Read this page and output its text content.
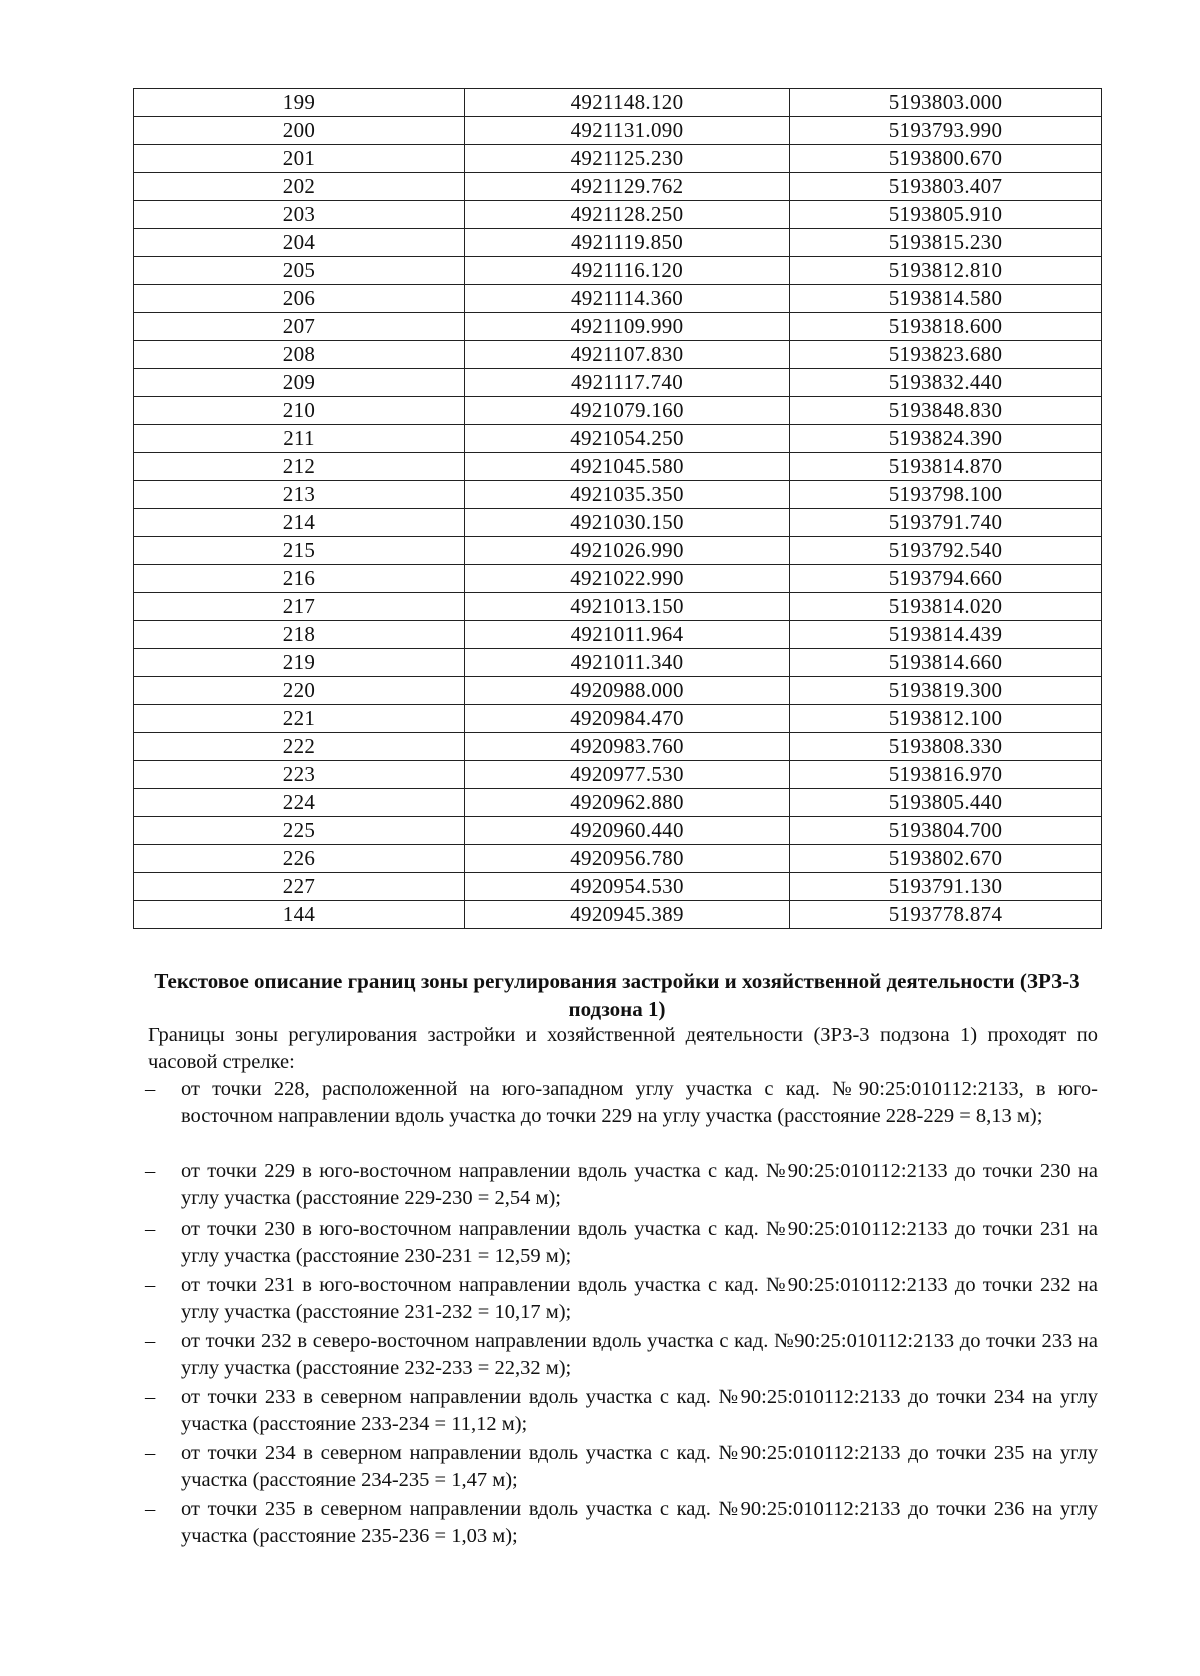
199	4921148.120	5193803.000
200	4921131.090	5193793.990
201	4921125.230	5193800.670
202	4921129.762	5193803.407
203	4921128.250	5193805.910
204	4921119.850	5193815.230
205	4921116.120	5193812.810
206	4921114.360	5193814.580
207	4921109.990	5193818.600
208	4921107.830	5193823.680
209	4921117.740	5193832.440
210	4921079.160	5193848.830
211	4921054.250	5193824.390
212	4921045.580	5193814.870
213	4921035.350	5193798.100
214	4921030.150	5193791.740
215	4921026.990	5193792.540
216	4921022.990	5193794.660
217	4921013.150	5193814.020
218	4921011.964	5193814.439
219	4921011.340	5193814.660
220	4920988.000	5193819.300
221	4920984.470	5193812.100
222	4920983.760	5193808.330
223	4920977.530	5193816.970
224	4920962.880	5193805.440
225	4920960.440	5193804.700
226	4920956.780	5193802.670
227	4920954.530	5193791.130
144	4920945.389	5193778.874
Текстовое описание границ зоны регулирования застройки и хозяйственной деятельности (ЗРЗ-3 подзона 1)

Границы зоны регулирования застройки и хозяйственной деятельности (ЗРЗ-3 подзона 1) проходят по часовой стрелке:

– от точки 228, расположенной на юго-западном углу участка с кад. №90:25:010112:2133, в юго-восточном направлении вдоль участка до точки 229 на углу участка (расстояние 228-229 = 8,13 м);
– от точки 229 в юго-восточном направлении вдоль участка с кад. №90:25:010112:2133 до точки 230 на углу участка (расстояние 229-230 = 2,54 м);
– от точки 230 в юго-восточном направлении вдоль участка с кад. №90:25:010112:2133 до точки 231 на углу участка (расстояние 230-231 = 12,59 м);
– от точки 231 в юго-восточном направлении вдоль участка с кад. №90:25:010112:2133 до точки 232 на углу участка (расстояние 231-232 = 10,17 м);
– от точки 232 в северо-восточном направлении вдоль участка с кад. №90:25:010112:2133 до точки 233 на углу участка (расстояние 232-233 = 22,32 м);
– от точки 233 в северном направлении вдоль участка с кад. №90:25:010112:2133 до точки 234 на углу участка (расстояние 233-234 = 11,12 м);
– от точки 234 в северном направлении вдоль участка с кад. №90:25:010112:2133 до точки 235 на углу участка (расстояние 234-235 = 1,47 м);
– от точки 235 в северном направлении вдоль участка с кад. №90:25:010112:2133 до точки 236 на углу участка (расстояние 235-236 = 1,03 м);
